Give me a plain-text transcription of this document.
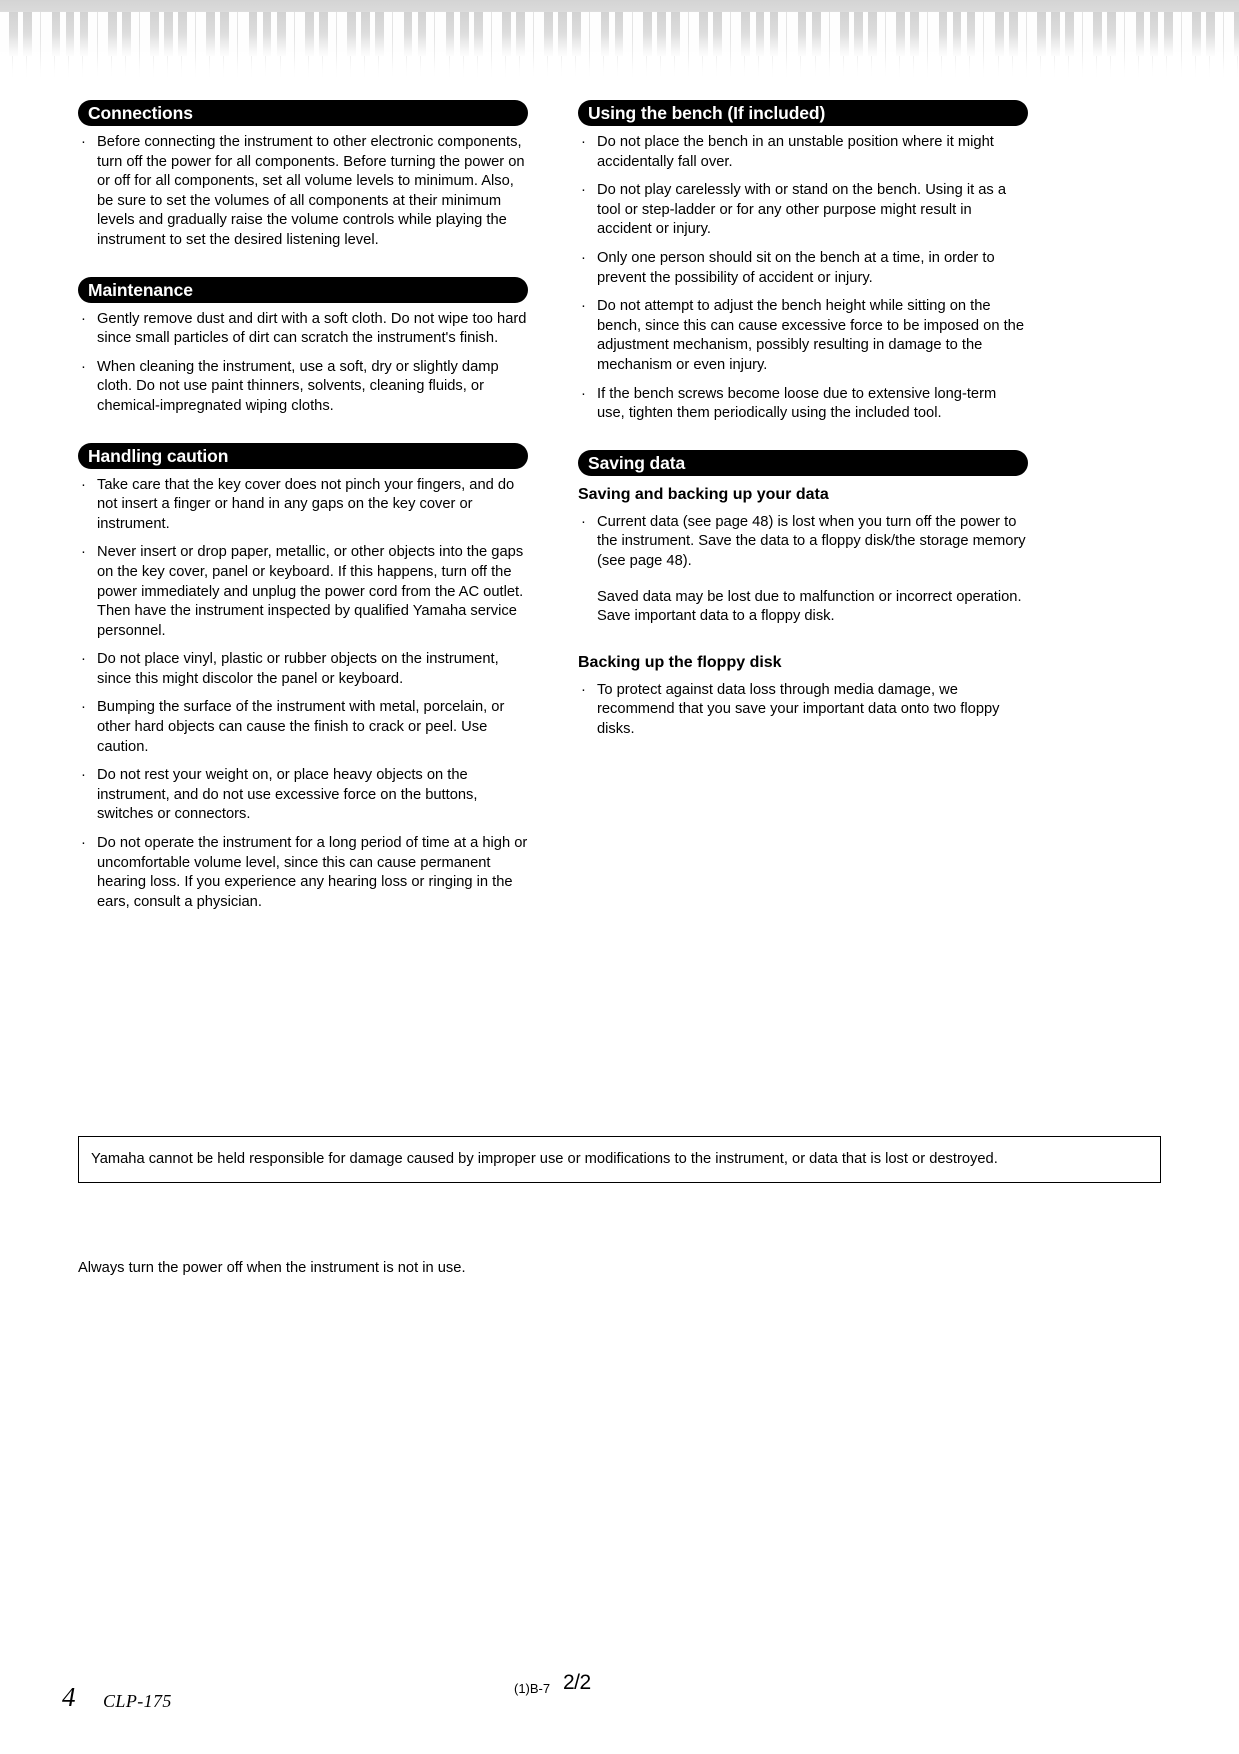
Connections
· Before connecting the instrument to other electronic components, turn off the power for all components. Before turning the power on or off for all components, set all volume levels to minimum. Also, be sure to set the volumes of all components at their minimum levels and gradually raise the volume controls while playing the instrument to set the desired listening level.
Maintenance
· Gently remove dust and dirt with a soft cloth. Do not wipe too hard since small particles of dirt can scratch the instrument's finish.
· When cleaning the instrument, use a soft, dry or slightly damp cloth. Do not use paint thinners, solvents, cleaning fluids, or chemical-impregnated wiping cloths.
Handling caution
· Take care that the key cover does not pinch your fingers, and do not insert a finger or hand in any gaps on the key cover or instrument.
· Never insert or drop paper, metallic, or other objects into the gaps on the key cover, panel or keyboard. If this happens, turn off the power immediately and unplug the power cord from the AC outlet. Then have the instrument inspected by qualified Yamaha service personnel.
· Do not place vinyl, plastic or rubber objects on the instrument, since this might discolor the panel or keyboard.
· Bumping the surface of the instrument with metal, porcelain, or other hard objects can cause the finish to crack or peel. Use caution.
· Do not rest your weight on, or place heavy objects on the instrument, and do not use excessive force on the buttons, switches or connectors.
· Do not operate the instrument for a long period of time at a high or uncomfortable volume level, since this can cause permanent hearing loss. If you experience any hearing loss or ringing in the ears, consult a physician.
Using the bench (If included)
· Do not place the bench in an unstable position where it might accidentally fall over.
· Do not play carelessly with or stand on the bench. Using it as a tool or step-ladder or for any other purpose might result in accident or injury.
· Only one person should sit on the bench at a time, in order to prevent the possibility of accident or injury.
· Do not attempt to adjust the bench height while sitting on the bench, since this can cause excessive force to be imposed on the adjustment mechanism, possibly resulting in damage to the mechanism or even injury.
· If the bench screws become loose due to extensive long-term use, tighten them periodically using the included tool.
Saving data
Saving and backing up your data
· Current data (see page 48) is lost when you turn off the power to the instrument. Save the data to a floppy disk/the storage memory (see page 48).
Saved data may be lost due to malfunction or incorrect operation. Save important data to a floppy disk.
Backing up the floppy disk
· To protect against data loss through media damage, we recommend that you save your important data onto two floppy disks.
Yamaha cannot be held responsible for damage caused by improper use or modifications to the instrument, or data that is lost or destroyed.
Always turn the power off when the instrument is not in use.
4 CLP-175
(1)B-7 2/2
